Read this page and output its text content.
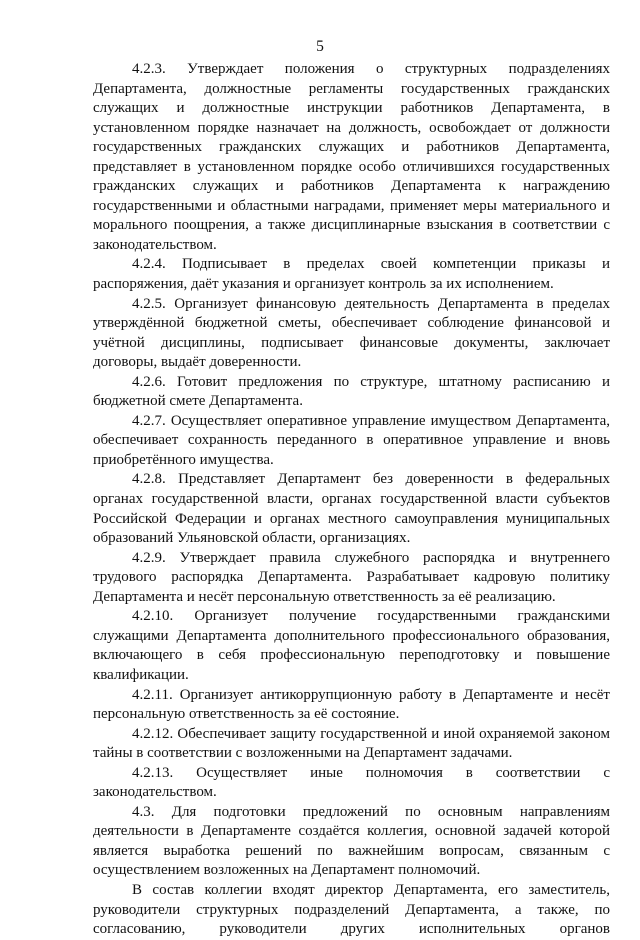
5

4.2.3. Утверждает положения о структурных подразделениях Департамента, должностные регламенты государственных гражданских служащих и должностные инструкции работников Департамента, в установленном порядке назначает на должность, освобождает от должности государственных гражданских служащих и работников Департамента, представляет в установленном порядке особо отличившихся государственных гражданских служащих и работников Департамента к награждению государственными и областными наградами, применяет меры материального и морального поощрения, а также дисциплинарные взыскания в соответствии с законодательством.

4.2.4. Подписывает в пределах своей компетенции приказы и распоряжения, даёт указания и организует контроль за их исполнением.

4.2.5. Организует финансовую деятельность Департамента в пределах утверждённой бюджетной сметы, обеспечивает соблюдение финансовой и учётной дисциплины, подписывает финансовые документы, заключает договоры, выдаёт доверенности.

4.2.6. Готовит предложения по структуре, штатному расписанию и бюджетной смете Департамента.

4.2.7. Осуществляет оперативное управление имуществом Департамента, обеспечивает сохранность переданного в оперативное управление и вновь приобретённого имущества.

4.2.8. Представляет Департамент без доверенности в федеральных органах государственной власти, органах государственной власти субъектов Российской Федерации и органах местного самоуправления муниципальных образований Ульяновской области, организациях.

4.2.9. Утверждает правила служебного распорядка и внутреннего трудового распорядка Департамента. Разрабатывает кадровую политику Департамента и несёт персональную ответственность за её реализацию.

4.2.10. Организует получение государственными гражданскими служащими Департамента дополнительного профессионального образования, включающего в себя профессиональную переподготовку и повышение квалификации.

4.2.11. Организует антикоррупционную работу в Департаменте и несёт персональную ответственность за её состояние.

4.2.12. Обеспечивает защиту государственной и иной охраняемой законом тайны в соответствии с возложенными на Департамент задачами.

4.2.13. Осуществляет иные полномочия в соответствии с законодательством.

4.3. Для подготовки предложений по основным направлениям деятельности в Департаменте создаётся коллегия, основной задачей которой является выработка решений по важнейшим вопросам, связанным с осуществлением возложенных на Департамент полномочий.

В состав коллегии входят директор Департамента, его заместитель, руководители структурных подразделений Департамента, а также, по согласованию, руководители других исполнительных органов
